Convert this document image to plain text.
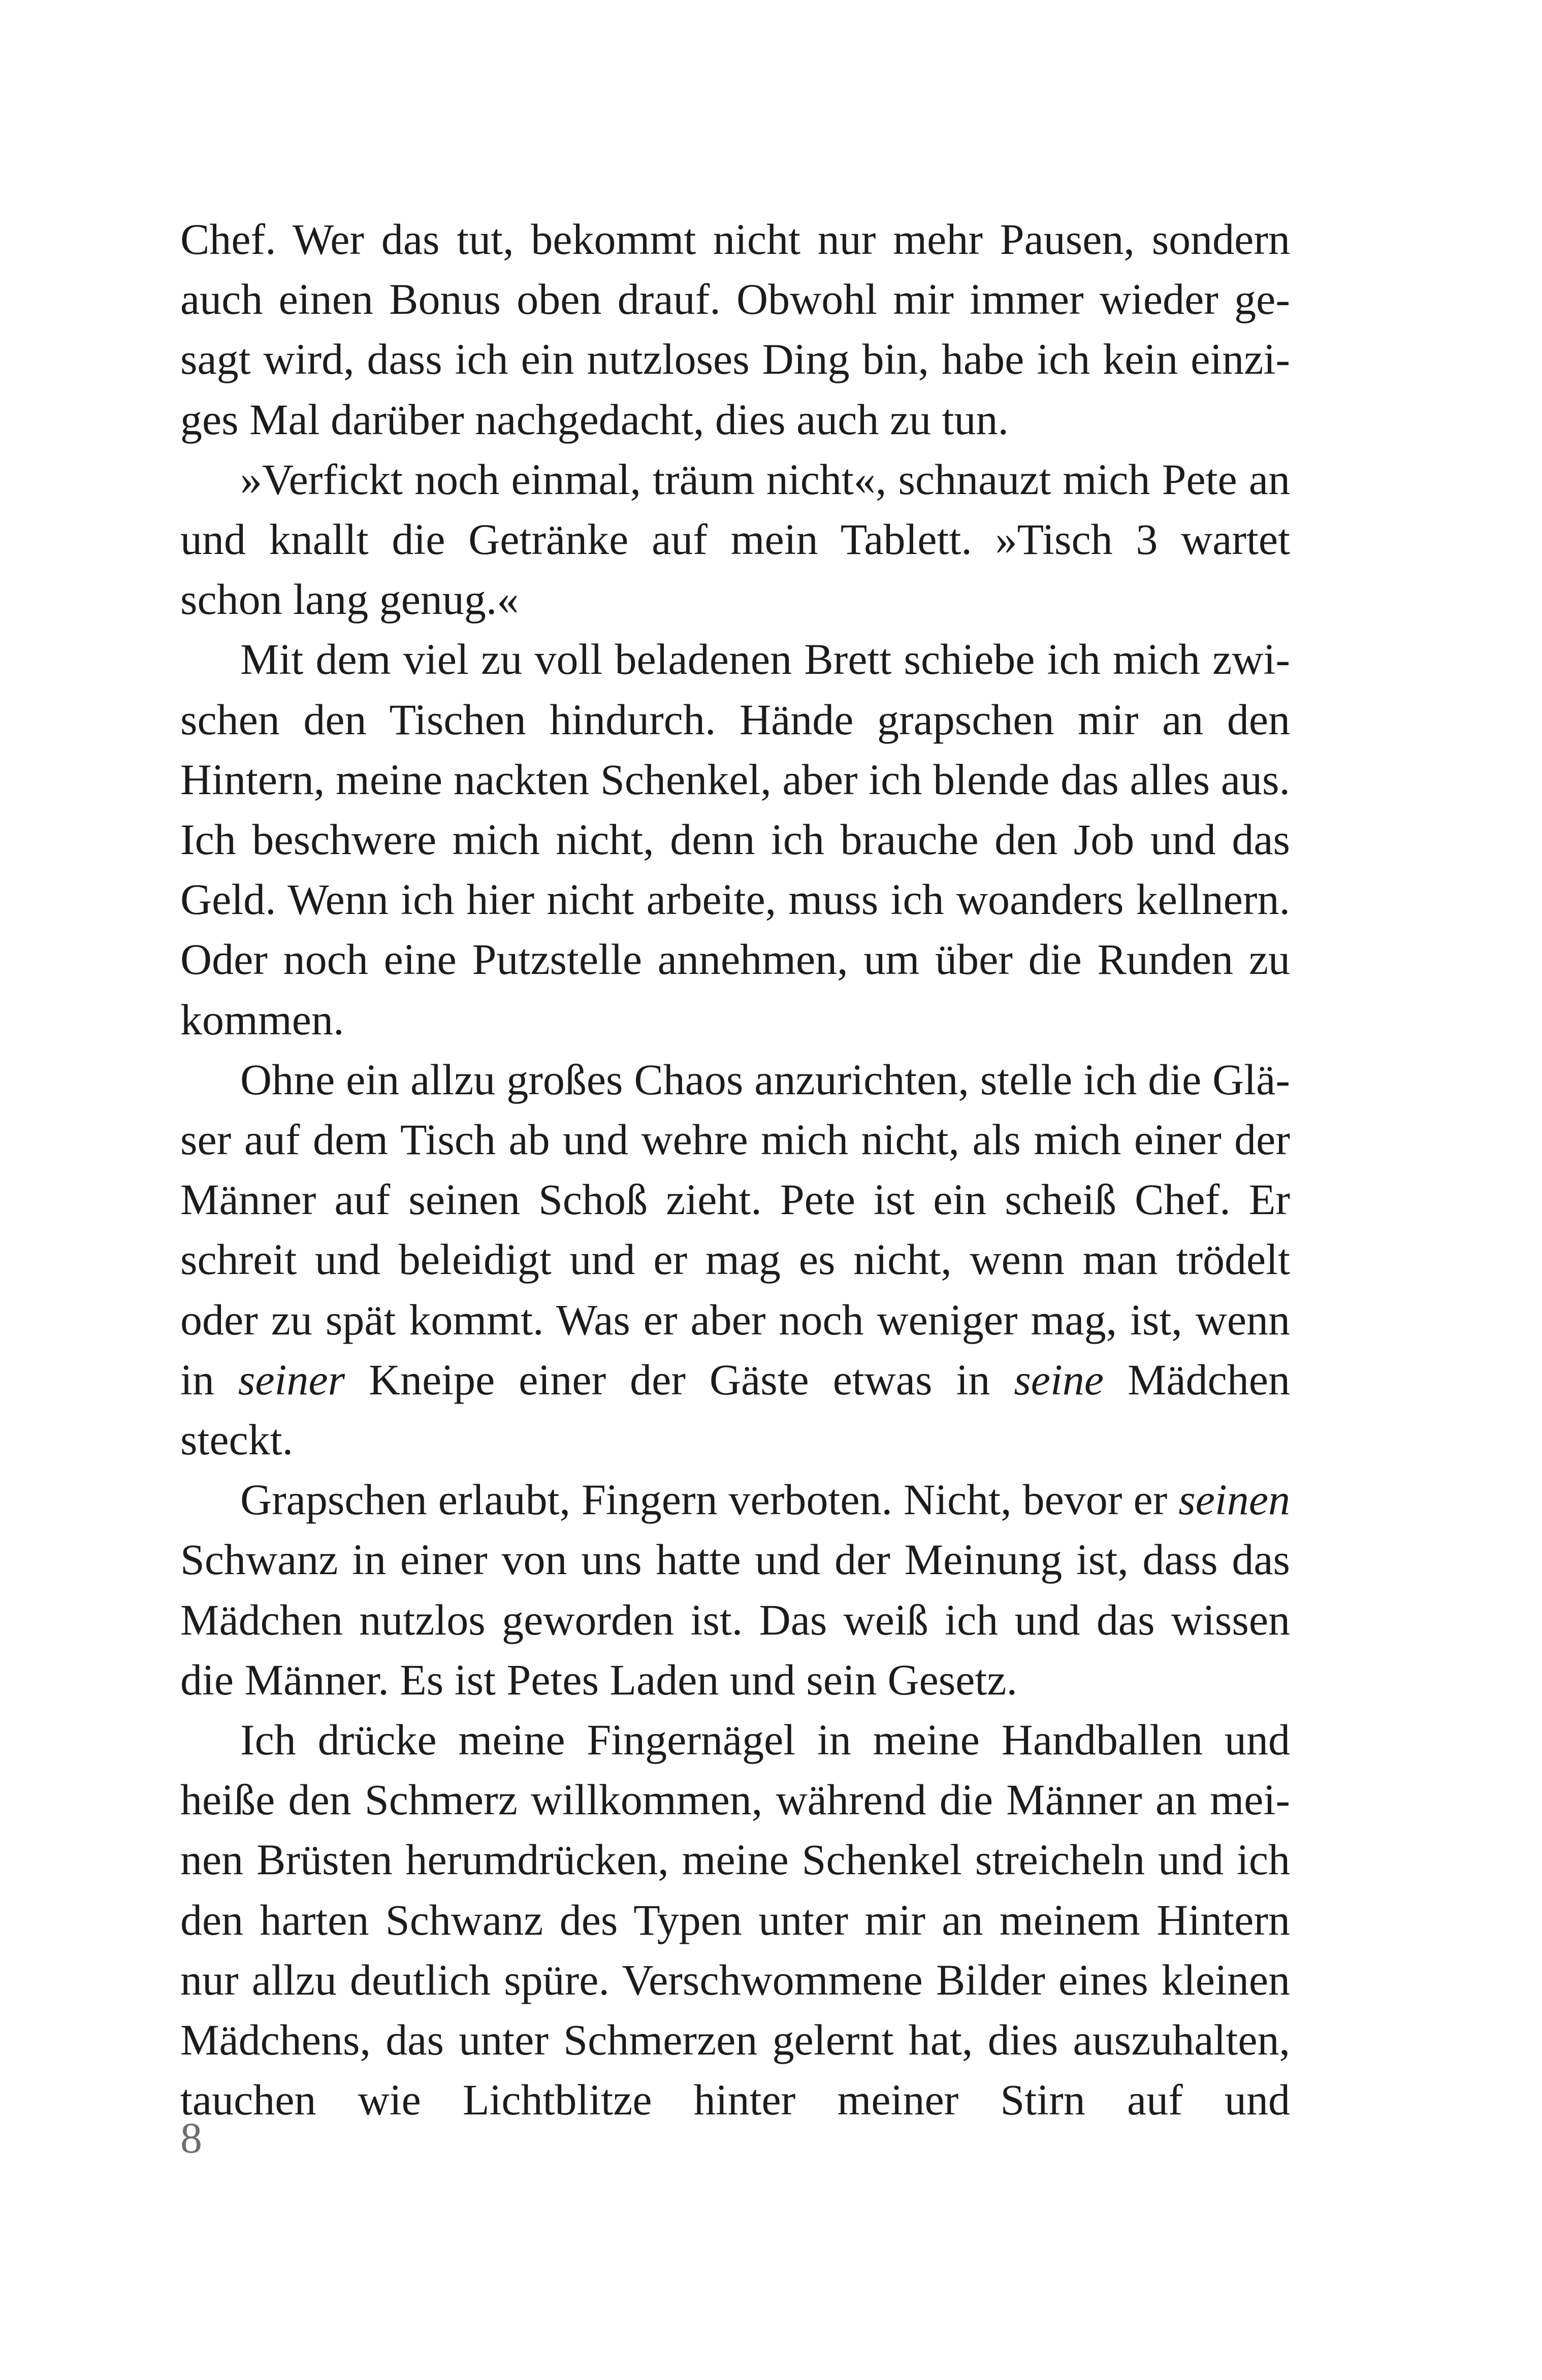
Chef. Wer das tut, bekommt nicht nur mehr Pausen, sondern auch einen Bonus oben drauf. Obwohl mir immer wieder gesagt wird, dass ich ein nutzloses Ding bin, habe ich kein einziges Mal darüber nachgedacht, dies auch zu tun.

»Verfickt noch einmal, träum nicht«, schnauzt mich Pete an und knallt die Getränke auf mein Tablett. »Tisch 3 wartet schon lang genug.«

Mit dem viel zu voll beladenen Brett schiebe ich mich zwischen den Tischen hindurch. Hände grapschen mir an den Hintern, meine nackten Schenkel, aber ich blende das alles aus. Ich beschwere mich nicht, denn ich brauche den Job und das Geld. Wenn ich hier nicht arbeite, muss ich woanders kellnern. Oder noch eine Putzstelle annehmen, um über die Runden zu kommen.

Ohne ein allzu großes Chaos anzurichten, stelle ich die Gläser auf dem Tisch ab und wehre mich nicht, als mich einer der Männer auf seinen Schoß zieht. Pete ist ein scheiß Chef. Er schreit und beleidigt und er mag es nicht, wenn man trödelt oder zu spät kommt. Was er aber noch weniger mag, ist, wenn in seiner Kneipe einer der Gäste etwas in seine Mädchen steckt.

Grapschen erlaubt, Fingern verboten. Nicht, bevor er seinen Schwanz in einer von uns hatte und der Meinung ist, dass das Mädchen nutzlos geworden ist. Das weiß ich und das wissen die Männer. Es ist Petes Laden und sein Gesetz.

Ich drücke meine Fingernägel in meine Handballen und heiße den Schmerz willkommen, während die Männer an meinen Brüsten herumdrücken, meine Schenkel streicheln und ich den harten Schwanz des Typen unter mir an meinem Hintern nur allzu deutlich spüre. Verschwommene Bilder eines kleinen Mädchens, das unter Schmerzen gelernt hat, dies auszuhalten, tauchen wie Lichtblitze hinter meiner Stirn auf und

8
